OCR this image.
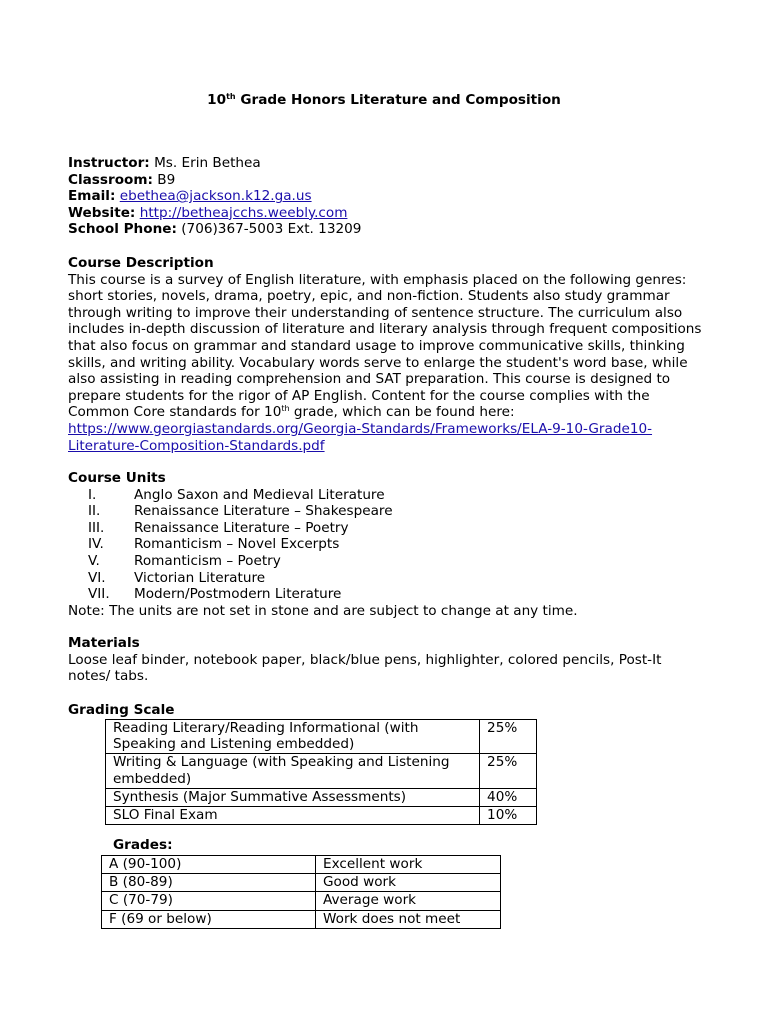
10th Grade Honors Literature and Composition
Instructor: Ms. Erin Bethea
Classroom: B9
Email: ebethea@jackson.k12.ga.us
Website: http://betheajcchs.weebly.com
School Phone: (706)367-5003 Ext. 13209
Course Description
This course is a survey of English literature, with emphasis placed on the following genres: short stories, novels, drama, poetry, epic, and non-fiction. Students also study grammar through writing to improve their understanding of sentence structure. The curriculum also includes in-depth discussion of literature and literary analysis through frequent compositions that also focus on grammar and standard usage to improve communicative skills, thinking skills, and writing ability. Vocabulary words serve to enlarge the student's word base, while also assisting in reading comprehension and SAT preparation. This course is designed to prepare students for the rigor of AP English. Content for the course complies with the Common Core standards for 10th grade, which can be found here: https://www.georgiastandards.org/Georgia-Standards/Frameworks/ELA-9-10-Grade10-Literature-Composition-Standards.pdf
Course Units
I.	Anglo Saxon and Medieval Literature
II.	Renaissance Literature – Shakespeare
III.	Renaissance Literature – Poetry
IV.	Romanticism – Novel Excerpts
V.	Romanticism – Poetry
VI.	Victorian Literature
VII.	Modern/Postmodern Literature
Note: The units are not set in stone and are subject to change at any time.
Materials
Loose leaf binder, notebook paper, black/blue pens, highlighter, colored pencils, Post-It notes/ tabs.
Grading Scale
Reading Literary/Reading Informational (with Speaking and Listening embedded)	25%
Writing & Language (with Speaking and Listening embedded)	25%
Synthesis (Major Summative Assessments)	40%
SLO Final Exam	10%
Grades:
A (90-100)	Excellent work
B (80-89)	Good work
C (70-79)	Average work
F (69 or below)	Work does not meet
